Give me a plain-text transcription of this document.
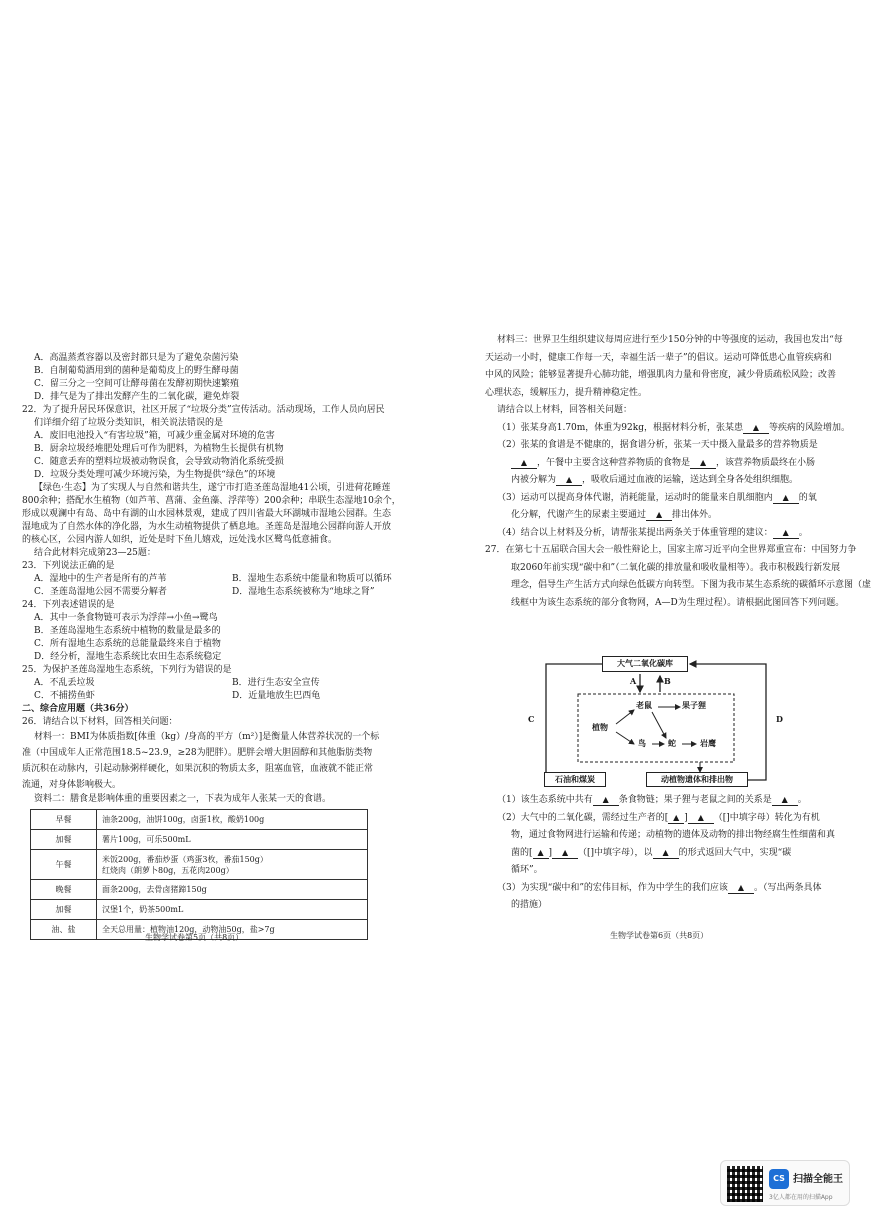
A．高温蒸煮容器以及密封都只是为了避免杂菌污染
B．自制葡萄酒用到的菌种是葡萄皮上的野生酵母菌
C．留三分之一空间可让酵母菌在发酵初期快速繁殖
D．排气是为了排出发酵产生的二氧化碳，避免炸裂
22．为了提升居民环保意识，社区开展了“垃圾分类”宣传活动。活动现场，工作人员向居民
们详细介绍了垃圾分类知识，相关说法错误的是
A．废旧电池投入“有害垃圾”箱，可减少重金属对环境的危害
B．厨余垃圾经堆肥处理后可作为肥料，为植物生长提供有机物
C．随意丢弃的塑料垃圾被动物误食，会导致动物消化系统受损
D．垃圾分类处理可减少环境污染，为生物提供“绿色”的环境
【绿色·生态】为了实现人与自然和谐共生，遂宁市打造圣莲岛湿地41公顷，引进荷花睡莲
800余种；搭配水生植物（如芦苇、菖蒲、金鱼藻、浮萍等）200余种；串联生态湿地10余个，
形成以观澜中有岛、岛中有湖的山水园林景观，建成了四川省最大环湖城市湿地公园群。生态
湿地成为了自然水体的净化器，为水生动植物提供了栖息地。圣莲岛是湿地公园群向游人开放
的核心区，公园内游人如织，近处是时下鱼儿嬉戏，远处浅水区鹭鸟低意捕食。
结合此材料完成第23—25题：
23．下列说法正确的是
A．湿地中的生产者是所有的芦苇	B．湿地生态系统中能量和物质可以循环
C．圣莲岛湿地公园不需要分解者	D．湿地生态系统被称为“地球之肾”
24．下列表述错误的是
A．其中一条食物链可表示为浮萍→小鱼→鹭鸟
B．圣莲岛湿地生态系统中植物的数量是最多的
C．所有湿地生态系统的总能量最终来自于植物
D．经分析，湿地生态系统比农田生态系统稳定
25．为保护圣莲岛湿地生态系统，下列行为错误的是
A．不乱丢垃圾	B．进行生态安全宣传
C．不捕捞鱼虾	D．近量地放生巴西龟
二、综合应用题（共36分）
26．请结合以下材料，回答相关问题：
材料一：BMI为体质指数[体重（kg）/身高的平方（m²）]是衡量人体营养状况的一个标
准（中国成年人正常范围18.5~23.9，≥28为肥胖）。肥胖会增大胆固醇和其他脂肪类物
质沉积在动脉内，引起动脉粥样硬化，如果沉积的物质太多，阻塞血管，血液就不能正常
流通，对身体影响极大。
资料二：膳食是影响体重的重要因素之一，下表为成年人张某一天的食谱。
早餐	油条200g，油饼100g，卤蛋1枚，酸奶100g
加餐	薯片100g，可乐500mL
午餐	米饭200g，番茄炒蛋（鸡蛋3枚，番茄150g）
红烧肉（朗萝卜80g，五花肉200g）

晚餐	面条200g，去骨卤猪蹄150g
加餐	汉堡1个，奶茶500mL
油、盐	全天总用量：植物油120g，动物油50g，盐>7g
生物学试卷第5页（共8页）
材料三：世界卫生组织建议每周应进行至少150分钟的中等强度的运动，我国也发出“每
天运动一小时，健康工作每一天，幸福生活一辈子”的倡议。运动可降低患心血管疾病和
中风的风险；能够显著提升心肺功能，增强肌肉力量和骨密度，减少骨质疏松风险；改善
心理状态，缓解压力，提升精神稳定性。
请结合以上材料，回答相关问题：
（1）张某身高1.70m，体重为92kg，根据材料分析，张某患 ▲ 等疾病的风险增加。
（2）张某的食谱是不健康的，据食谱分析，张某一天中摄入量最多的营养物质是
▲ ，午餐中主要含这种营养物质的食物是 ▲ ，该营养物质最终在小肠
内被分解为 ▲ ，吸收后通过血液的运输，送达到全身各处组织细胞。
（3）运动可以提高身体代谢，消耗能量，运动时的能量来自肌细胞内 ▲ 的氧
化分解，代谢产生的尿素主要通过 ▲ 排出体外。
（4）结合以上材料及分析，请帮张某提出两条关于体重管理的建议： ▲ 。
27．在第七十五届联合国大会一般性辩论上，国家主席习近平向全世界郑重宣布：中国努力争
取2060年前实现“碳中和”（二氧化碳的排放量和吸收量相等）。我市积极践行新发展
理念，倡导生产生活方式向绿色低碳方向转型。下图为我市某生态系统的碳循环示意图（虚
线框中为该生态系统的部分食物网，A—D为生理过程）。请根据此图回答下列问题。
大气二氧化碳库
A	B
C	D
老鼠	果子狸
植物
鸟	蛇	岩鹰
石油和煤炭	动植物遗体和排出物
（1）该生态系统中共有 ▲ 条食物链；果子狸与老鼠之间的关系是 ▲ 。
（2）大气中的二氧化碳，需经过生产者的[ ▲ ] ▲ （[]中填字母）转化为有机
物，通过食物网进行运输和传递；动植物的遗体及动物的排出物经腐生性细菌和真
菌的[ ▲ ] ▲ （[]中填字母），以 ▲ 的形式返回大气中，实现“碳
循环”。
（3）为实现“碳中和”的宏伟目标，作为中学生的我们应该 ▲ 。（写出两条具体
的措施）
生物学试卷第6页（共8页）
CS 扫描全能王
3亿人都在用的扫描App
